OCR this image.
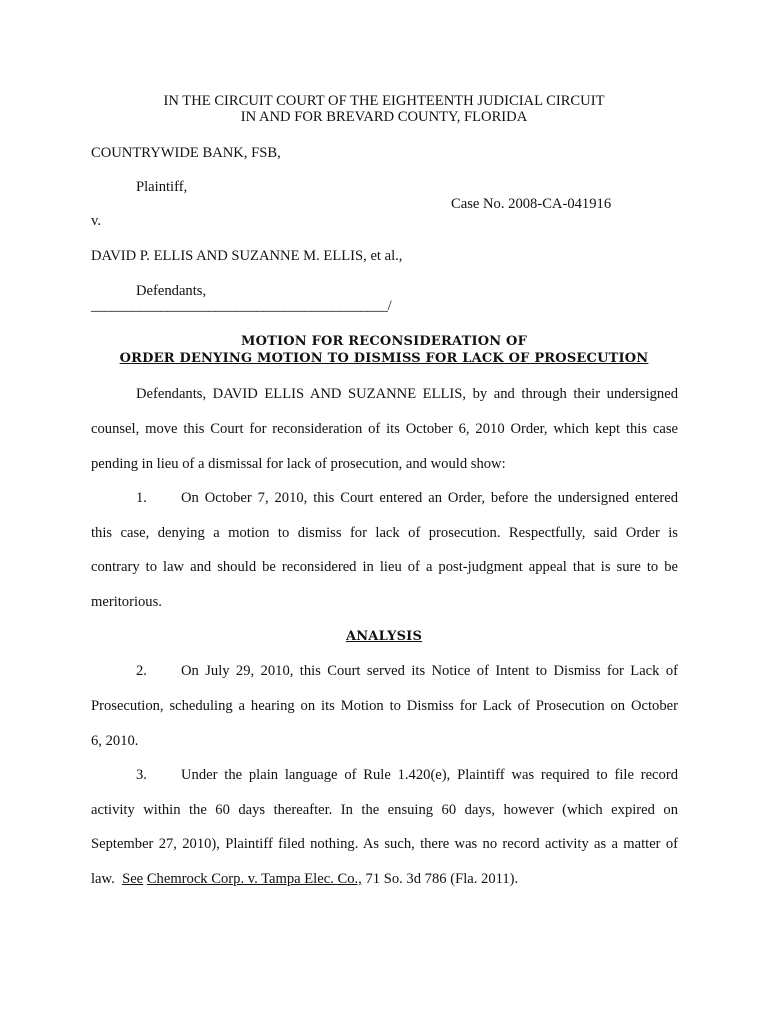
IN THE CIRCUIT COURT OF THE EIGHTEENTH JUDICIAL CIRCUIT
IN AND FOR BREVARD COUNTY, FLORIDA
COUNTRYWIDE BANK, FSB,
Plaintiff,
Case No. 2008-CA-041916
v.
DAVID P. ELLIS AND SUZANNE M. ELLIS, et al.,
Defendants,
___________________________________________/
MOTION FOR RECONSIDERATION OF
ORDER DENYING MOTION TO DISMISS FOR LACK OF PROSECUTION
Defendants, DAVID ELLIS AND SUZANNE ELLIS, by and through their undersigned
counsel, move this Court for reconsideration of its October 6, 2010 Order, which kept this case
pending in lieu of a dismissal for lack of prosecution, and would show:
1. On October 7, 2010, this Court entered an Order, before the undersigned entered
this case, denying a motion to dismiss for lack of prosecution. Respectfully, said Order is
contrary to law and should be reconsidered in lieu of a post-judgment appeal that is sure to be
meritorious.
ANALYSIS
2. On July 29, 2010, this Court served its Notice of Intent to Dismiss for Lack of
Prosecution, scheduling a hearing on its Motion to Dismiss for Lack of Prosecution on October
6, 2010.
3. Under the plain language of Rule 1.420(e), Plaintiff was required to file record
activity within the 60 days thereafter. In the ensuing 60 days, however (which expired on
September 27, 2010), Plaintiff filed nothing. As such, there was no record activity as a matter of
law. See Chemrock Corp. v. Tampa Elec. Co., 71 So. 3d 786 (Fla. 2011).
